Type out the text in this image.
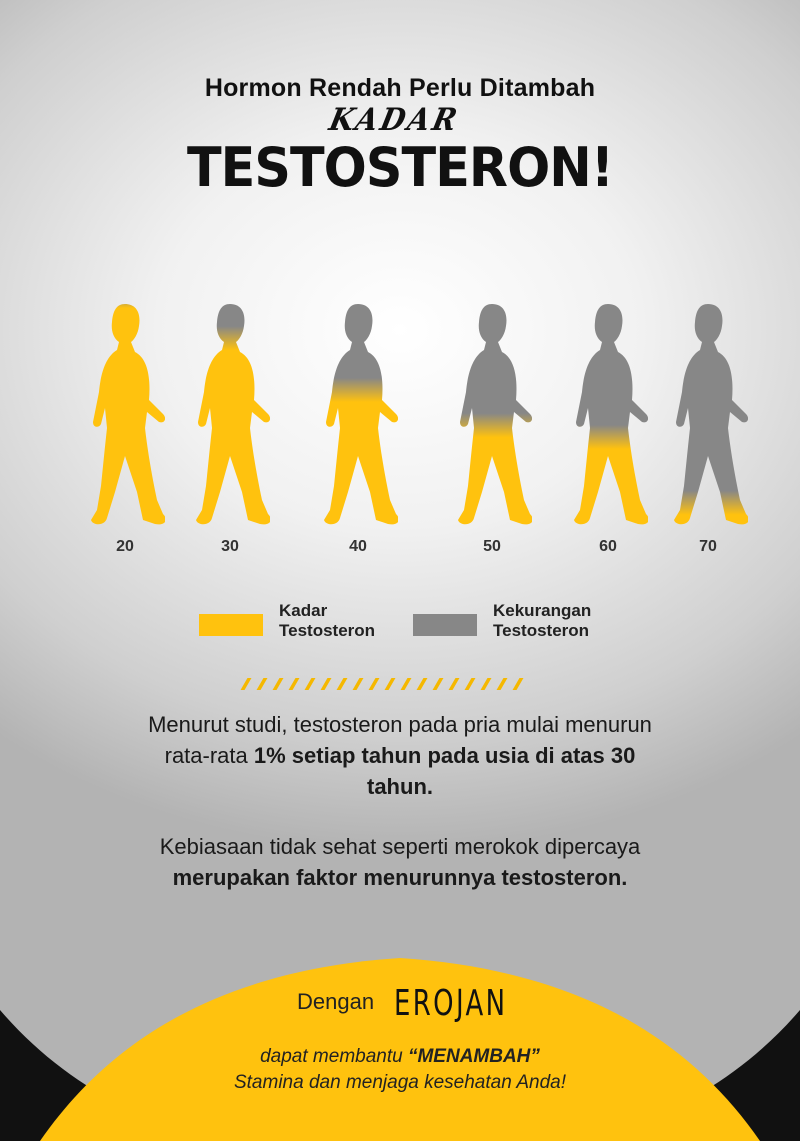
Hormon Rendah Perlu Ditambah
KADAR
TESTOSTERON!
20	30	40	50	60	70
Kadar
Testosteron
Kekurangan
Testosteron
Menurut studi, testosteron pada pria mulai menurun rata-rata 1% setiap tahun pada usia di atas 30 tahun.
Kebiasaan tidak sehat seperti merokok dipercaya merupakan faktor menurunnya testosteron.
Dengan EROJAN
dapat membantu “MENAMBAH”
Stamina dan menjaga kesehatan Anda!
